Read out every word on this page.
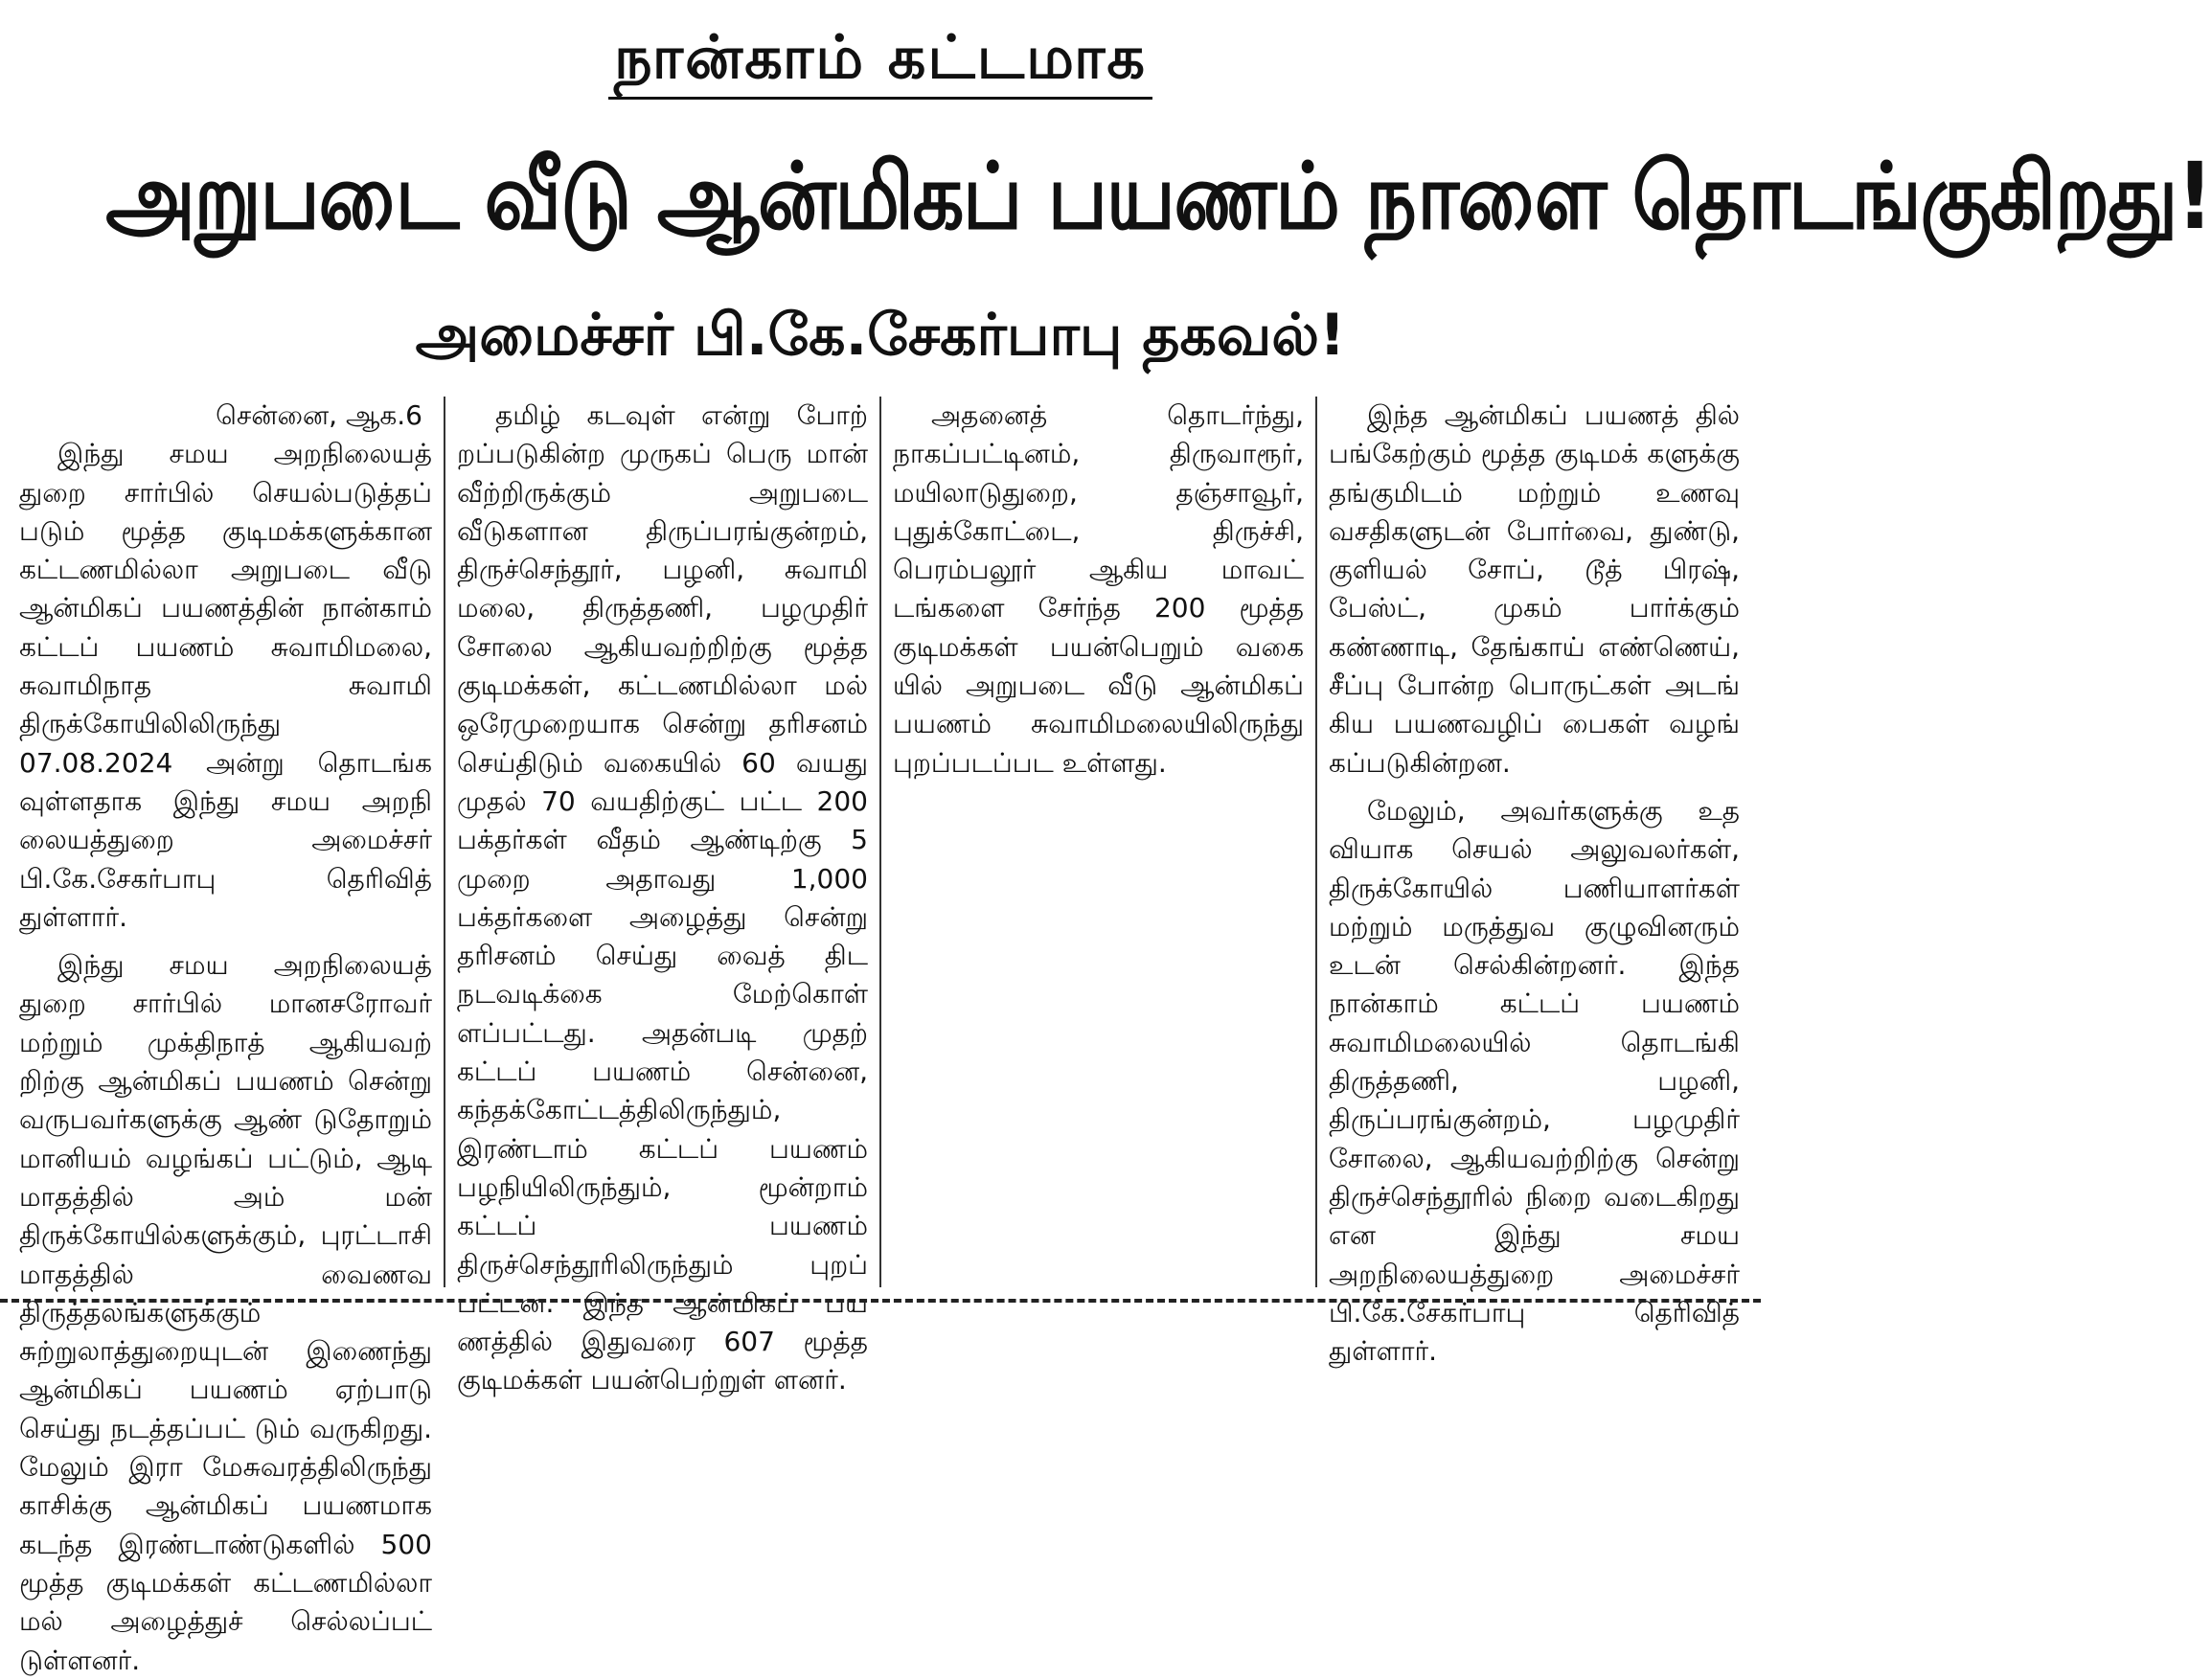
நான்காம் கட்டமாக
அறுபடை வீடு ஆன்மிகப் பயணம் நாளை தொடங்குகிறது!
அமைச்சர் பி.கே.சேகர்பாபு தகவல்!
சென்னை, ஆக.6

இந்து சமய அறநிலையத் துறை சார்பில் செயல்படுத்தப் படும் மூத்த குடிமக்களுக்கான கட்டணமில்லா அறுபடை வீடு ஆன்மிகப் பயணத்தின் நான்காம் கட்டப் பயணம் சுவாமிமலை, சுவாமிநாத சுவாமி திருக்கோயிலிலிருந்து 07.08.2024 அன்று தொடங்க வுள்ளதாக இந்து சமய அறநி லையத்துறை அமைச்சர் பி.கே.சேகர்பாபு தெரிவித் துள்ளார்.

இந்து சமய அறநிலையத் துறை சார்பில் மானசரோவர் மற்றும் முக்திநாத் ஆகியவற் றிற்கு ஆன்மிகப் பயணம் சென்று வருபவர்களுக்கு ஆண் டுதோறும் மானியம் வழங்கப் பட்டும், ஆடி மாதத்தில் அம் மன் திருக்கோயில்களுக்கும், புரட்டாசி மாதத்தில் வைணவ திருத்தலங்களுக்கும் சுற்றுலாத்துறையுடன் இணைந்து ஆன்மிகப் பயணம் ஏற்பாடு செய்து நடத்தப்பட் டும் வருகிறது. மேலும் இரா மேசுவரத்திலிருந்து காசிக்கு ஆன்மிகப் பயணமாக கடந்த இரண்டாண்டுகளில் 500 மூத்த குடிமக்கள் கட்டணமில்லா மல் அழைத்துச் செல்லப்பட் டுள்ளனர்.

தமிழ் கடவுள் என்று போற் றப்படுகின்ற முருகப் பெரு மான் வீற்றிருக்கும் அறுபடை வீடுகளான திருப்பரங்குன்றம், திருச்செந்தூர், பழனி, சுவாமி மலை, திருத்தணி, பழமுதிர் சோலை ஆகியவற்றிற்கு மூத்த குடிமக்கள், கட்டணமில்லா மல் ஒரேமுறையாக சென்று தரிசனம் செய்திடும் வகையில் 60 வயது முதல் 70 வயதிற்குட் பட்ட 200 பக்தர்கள் வீதம் ஆண்டிற்கு 5 முறை அதாவது 1,000 பக்தர்களை அழைத்து சென்று தரிசனம் செய்து வைத் திட நடவடிக்கை மேற்கொள் ளப்பட்டது. அதன்படி முதற் கட்டப் பயணம் சென்னை, கந்தக்கோட்டத்திலிருந்தும், இரண்டாம் கட்டப் பயணம் பழநியிலிருந்தும், மூன்றாம் கட்டப் பயணம் திருச்செந்தூரிலிருந்தும் புறப் பட்டன. இந்த ஆன்மிகப் பய ணத்தில் இதுவரை 607 மூத்த குடிமக்கள் பயன்பெற்றுள் ளனர்.

அதனைத் தொடர்ந்து, நாகப்பட்டினம், திருவாரூர், மயிலாடுதுறை, தஞ்சாவூர், புதுக்கோட்டை, திருச்சி, பெரம்பலூர் ஆகிய மாவட் டங்களை சேர்ந்த 200 மூத்த குடிமக்கள் பயன்பெறும் வகை யில் அறுபடை வீடு ஆன்மிகப் பயணம் சுவாமிமலையிலிருந்து புறப்படப்பட உள்ளது.

இந்த ஆன்மிகப் பயணத் தில் பங்கேற்கும் மூத்த குடிமக் களுக்கு தங்குமிடம் மற்றும் உணவு வசதிகளுடன் போர்வை, துண்டு, குளியல் சோப், டூத் பிரஷ், பேஸ்ட், முகம் பார்க்கும் கண்ணாடி, தேங்காய் எண்ணெய், சீப்பு போன்ற பொருட்கள் அடங் கிய பயணவழிப் பைகள் வழங் கப்படுகின்றன.

மேலும், அவர்களுக்கு உத வியாக செயல் அலுவலர்கள், திருக்கோயில் பணியாளர்கள் மற்றும் மருத்துவ குழுவினரும் உடன் செல்கின்றனர். இந்த நான்காம் கட்டப் பயணம் சுவாமிமலையில் தொடங்கி திருத்தணி, பழனி, திருப்பரங்குன்றம், பழமுதிர் சோலை, ஆகியவற்றிற்கு சென்று திருச்செந்தூரில் நிறை வடைகிறது என இந்து சமய அறநிலையத்துறை அமைச்சர் பி.கே.சேகர்பாபு தெரிவித் துள்ளார்.
